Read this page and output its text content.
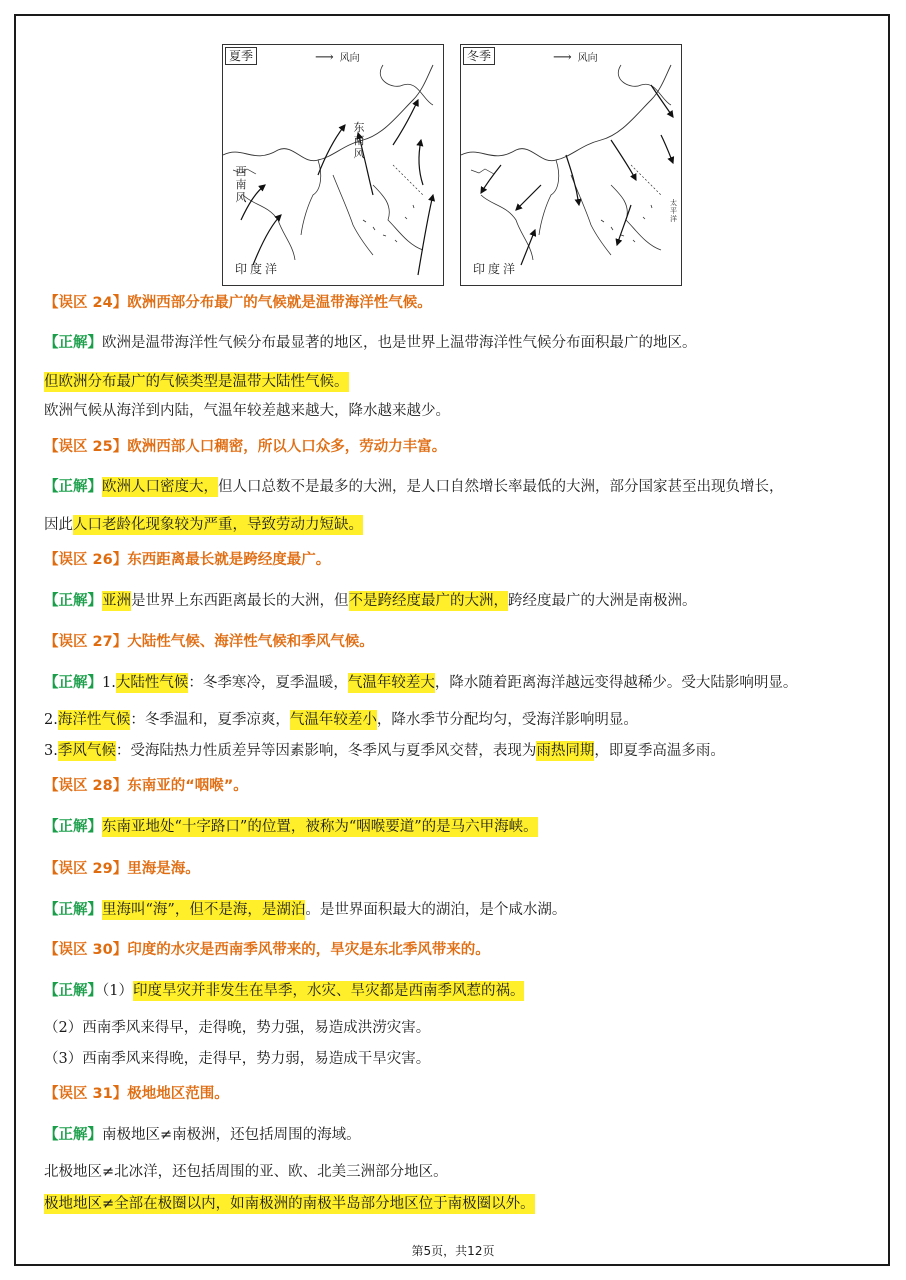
夏季	⟶ 风向
东南风
西南风
印度洋
冬季	⟶ 风向
太平洋
印度洋
【误区 24】欧洲西部分布最广的气候就是温带海洋性气候。
【正解】欧洲是温带海洋性气候分布最显著的地区，也是世界上温带海洋性气候分布面积最广的地区。
但欧洲分布最广的气候类型是温带大陆性气候。
欧洲气候从海洋到内陆，气温年较差越来越大，降水越来越少。
【误区 25】欧洲西部人口稠密，所以人口众多，劳动力丰富。
【正解】欧洲人口密度大，但人口总数不是最多的大洲，是人口自然增长率最低的大洲，部分国家甚至出现负增长，
因此人口老龄化现象较为严重，导致劳动力短缺。
【误区 26】东西距离最长就是跨经度最广。
【正解】亚洲是世界上东西距离最长的大洲，但不是跨经度最广的大洲，跨经度最广的大洲是南极洲。
【误区 27】大陆性气候、海洋性气候和季风气候。
【正解】1.大陆性气候：冬季寒冷，夏季温暖，气温年较差大，降水随着距离海洋越远变得越稀少。受大陆影响明显。
2.海洋性气候：冬季温和，夏季凉爽，气温年较差小，降水季节分配均匀，受海洋影响明显。
3.季风气候：受海陆热力性质差异等因素影响，冬季风与夏季风交替，表现为雨热同期，即夏季高温多雨。
【误区 28】东南亚的“咽喉”。
【正解】东南亚地处“十字路口”的位置，被称为“咽喉要道”的是马六甲海峡。
【误区 29】里海是海。
【正解】里海叫“海”，但不是海，是湖泊。是世界面积最大的湖泊，是个咸水湖。
【误区 30】印度的水灾是西南季风带来的，旱灾是东北季风带来的。
【正解】（1）印度旱灾并非发生在旱季，水灾、旱灾都是西南季风惹的祸。
（2）西南季风来得早，走得晚，势力强，易造成洪涝灾害。
（3）西南季风来得晚，走得早，势力弱，易造成干旱灾害。
【误区 31】极地地区范围。
【正解】南极地区≠南极洲，还包括周围的海域。
北极地区≠北冰洋，还包括周围的亚、欧、北美三洲部分地区。
极地地区≠全部在极圈以内，如南极洲的南极半岛部分地区位于南极圈以外。
第5页，共12页
